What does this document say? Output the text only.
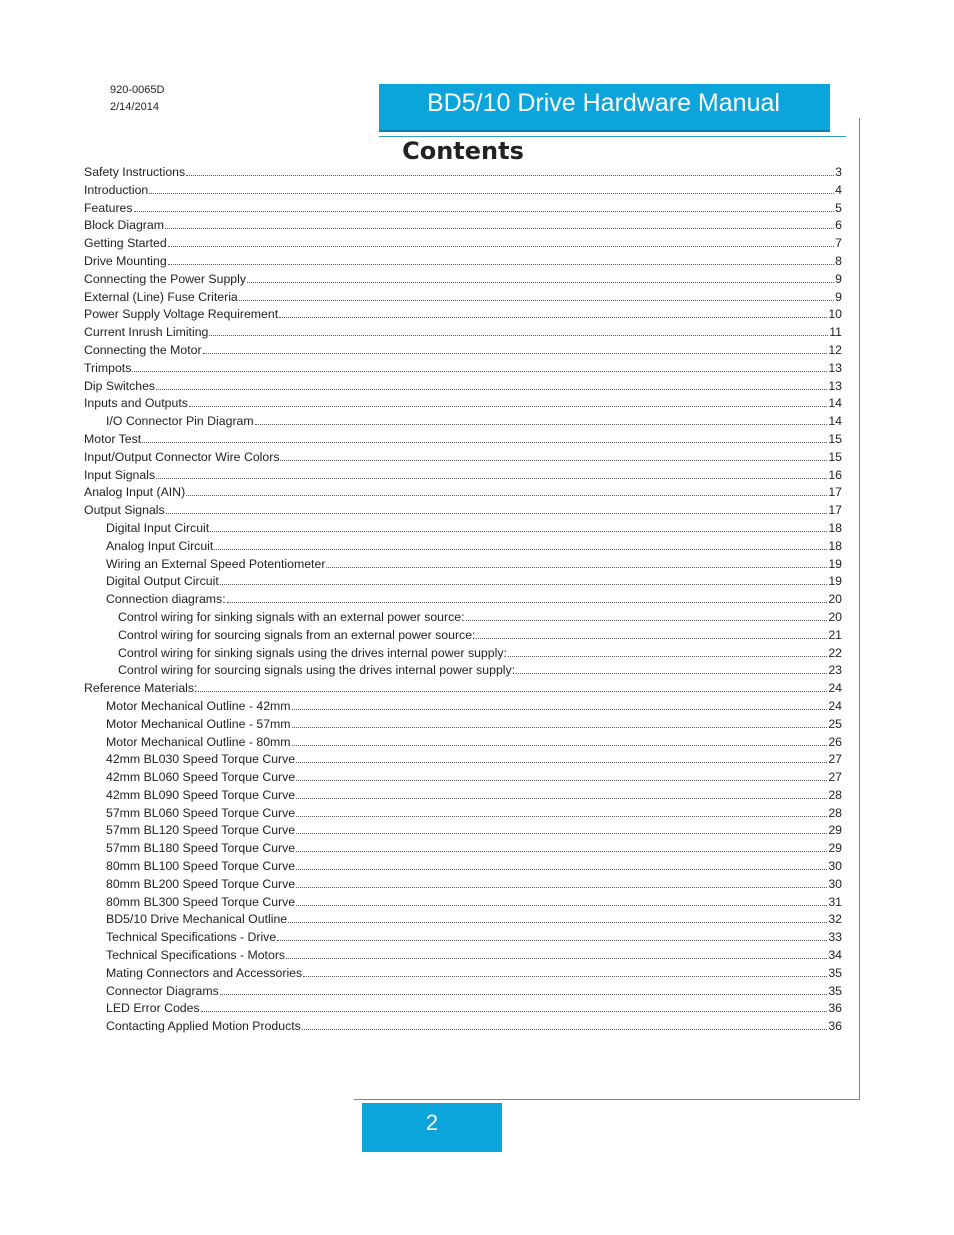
920-0065D
2/14/2014	BD5/10 Drive Hardware Manual
Contents
Safety Instructions	3
Introduction	4
Features	5
Block Diagram	6
Getting Started	7
Drive Mounting	8
Connecting the Power Supply	9
External (Line) Fuse Criteria	9
Power Supply Voltage Requirement	10
Current Inrush Limiting	11
Connecting the Motor	12
Trimpots	13
Dip Switches	13
Inputs and Outputs	14
I/O Connector Pin Diagram	14
Motor Test	15
Input/Output Connector Wire Colors	15
Input Signals	16
Analog Input (AIN)	17
Output Signals	17
Digital Input Circuit	18
Analog Input Circuit	18
Wiring an External Speed Potentiometer	19
Digital Output Circuit	19
Connection diagrams:	20
Control wiring for sinking signals with an external power source:	20
Control wiring for sourcing signals from an external power source:	21
Control wiring for sinking signals using the drives internal power supply:	22
Control wiring for sourcing signals using the drives internal power supply:	23
Reference Materials:	24
Motor Mechanical Outline - 42mm	24
Motor Mechanical Outline - 57mm	25
Motor Mechanical Outline - 80mm	26
42mm BL030 Speed Torque Curve	27
42mm BL060 Speed Torque Curve	27
42mm BL090 Speed Torque Curve	28
57mm BL060 Speed Torque Curve	28
57mm BL120 Speed Torque Curve	29
57mm BL180 Speed Torque Curve	29
80mm BL100 Speed Torque Curve	30
80mm BL200 Speed Torque Curve	30
80mm BL300 Speed Torque Curve	31
BD5/10 Drive Mechanical Outline	32
Technical Specifications - Drive	33
Technical Specifications - Motors	34
Mating Connectors and Accessories	35
Connector Diagrams	35
LED Error Codes	36
Contacting Applied Motion Products	36
2
